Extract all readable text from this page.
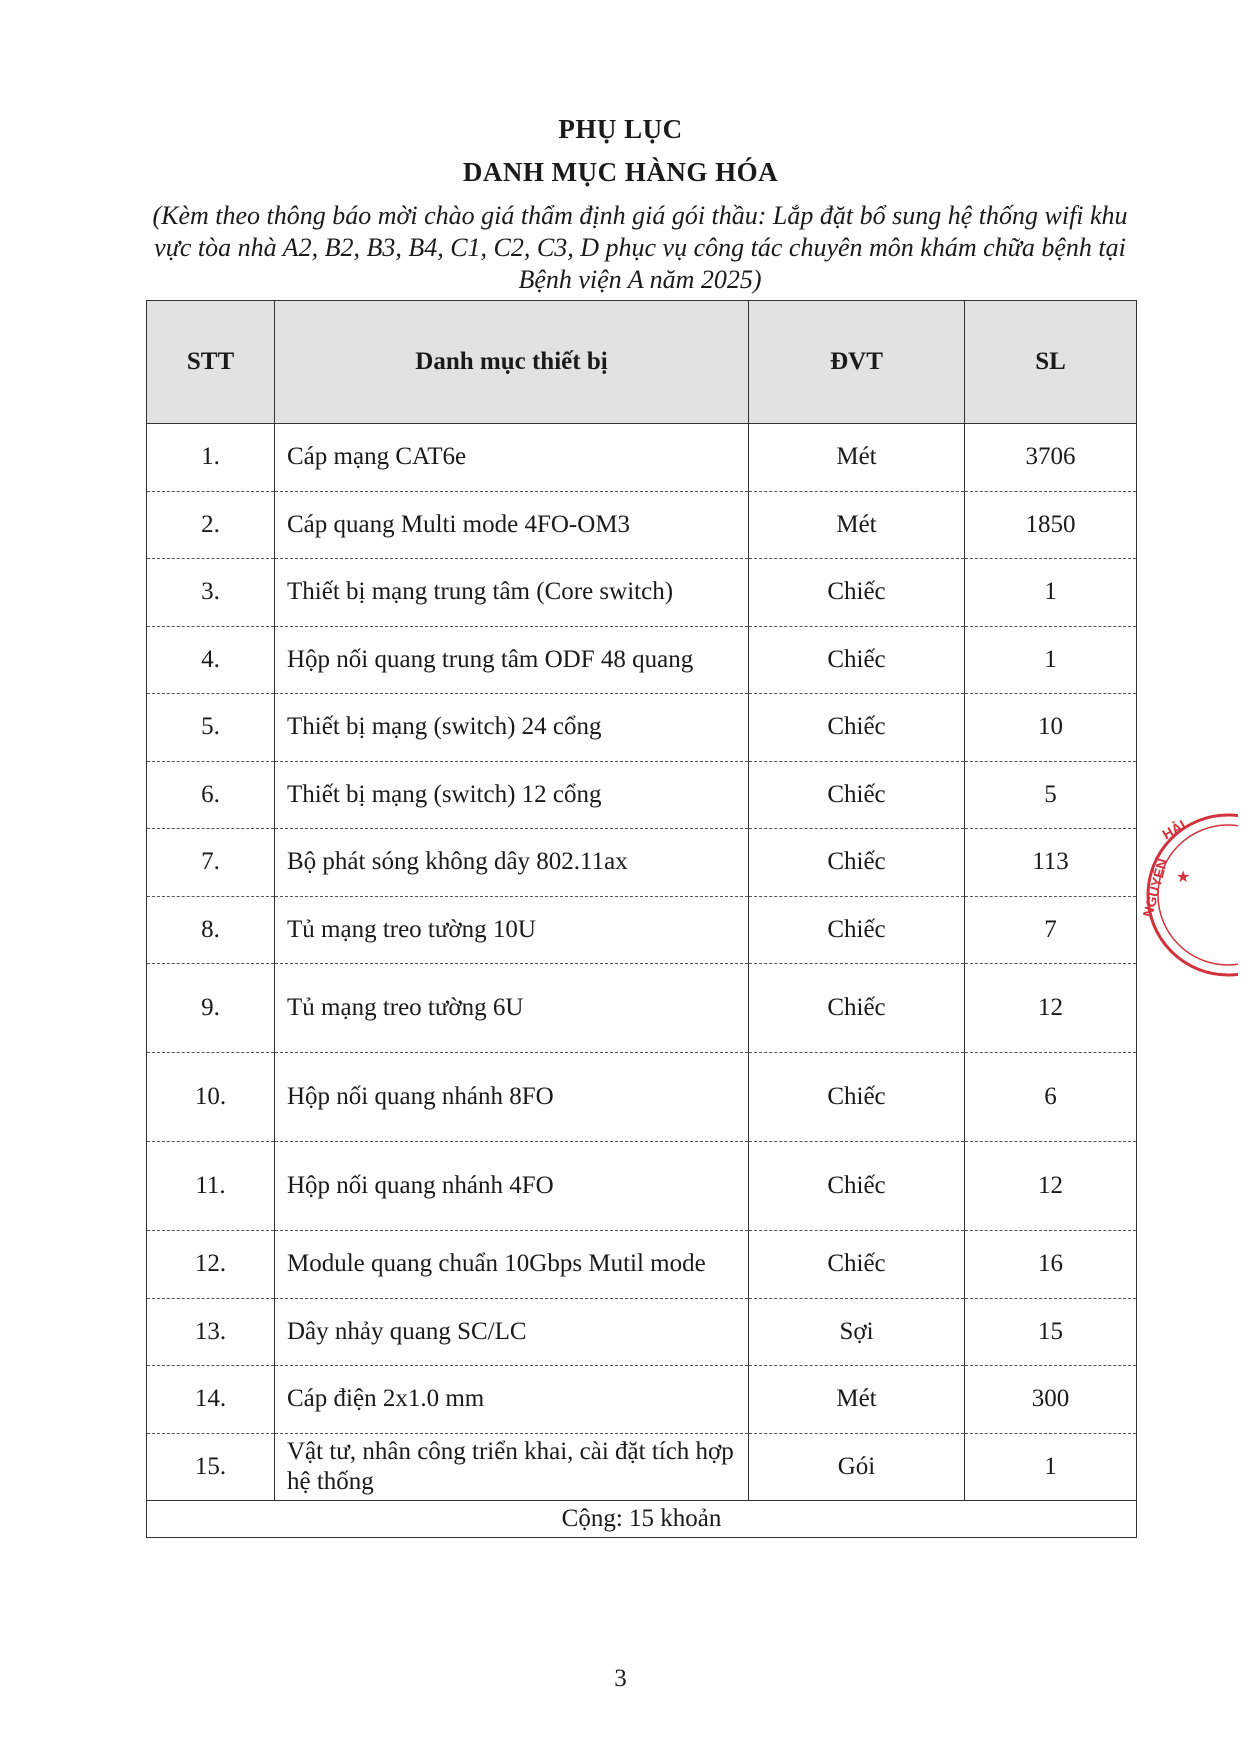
PHỤ LỤC
DANH MỤC HÀNG HÓA
(Kèm theo thông báo mời chào giá thẩm định giá gói thầu: Lắp đặt bổ sung hệ thống wifi khu vực tòa nhà A2, B2, B3, B4, C1, C2, C3, D phục vụ công tác chuyên môn khám chữa bệnh tại Bệnh viện A năm 2025)
STT	Danh mục thiết bị	ĐVT	SL
1.	Cáp mạng CAT6e	Mét	3706
2.	Cáp quang Multi mode 4FO-OM3	Mét	1850
3.	Thiết bị mạng trung tâm (Core switch)	Chiếc	1
4.	Hộp nối quang trung tâm ODF 48 quang	Chiếc	1
5.	Thiết bị mạng (switch) 24 cổng	Chiếc	10
6.	Thiết bị mạng (switch) 12 cổng	Chiếc	5
7.	Bộ phát sóng không dây 802.11ax	Chiếc	113
8.	Tủ mạng treo tường 10U	Chiếc	7
9.	Tủ mạng treo tường 6U	Chiếc	12
10.	Hộp nối quang nhánh 8FO	Chiếc	6
11.	Hộp nối quang nhánh 4FO	Chiếc	12
12.	Module quang chuẩn 10Gbps Mutil mode	Chiếc	16
13.	Dây nhảy quang SC/LC	Sợi	15
14.	Cáp điện 2x1.0 mm	Mét	300
15.	Vật tư, nhân công triển khai, cài đặt tích hợp hệ thống	Gói	1
Cộng: 15 khoản			
HẢI
NGUYỄN ★
3
